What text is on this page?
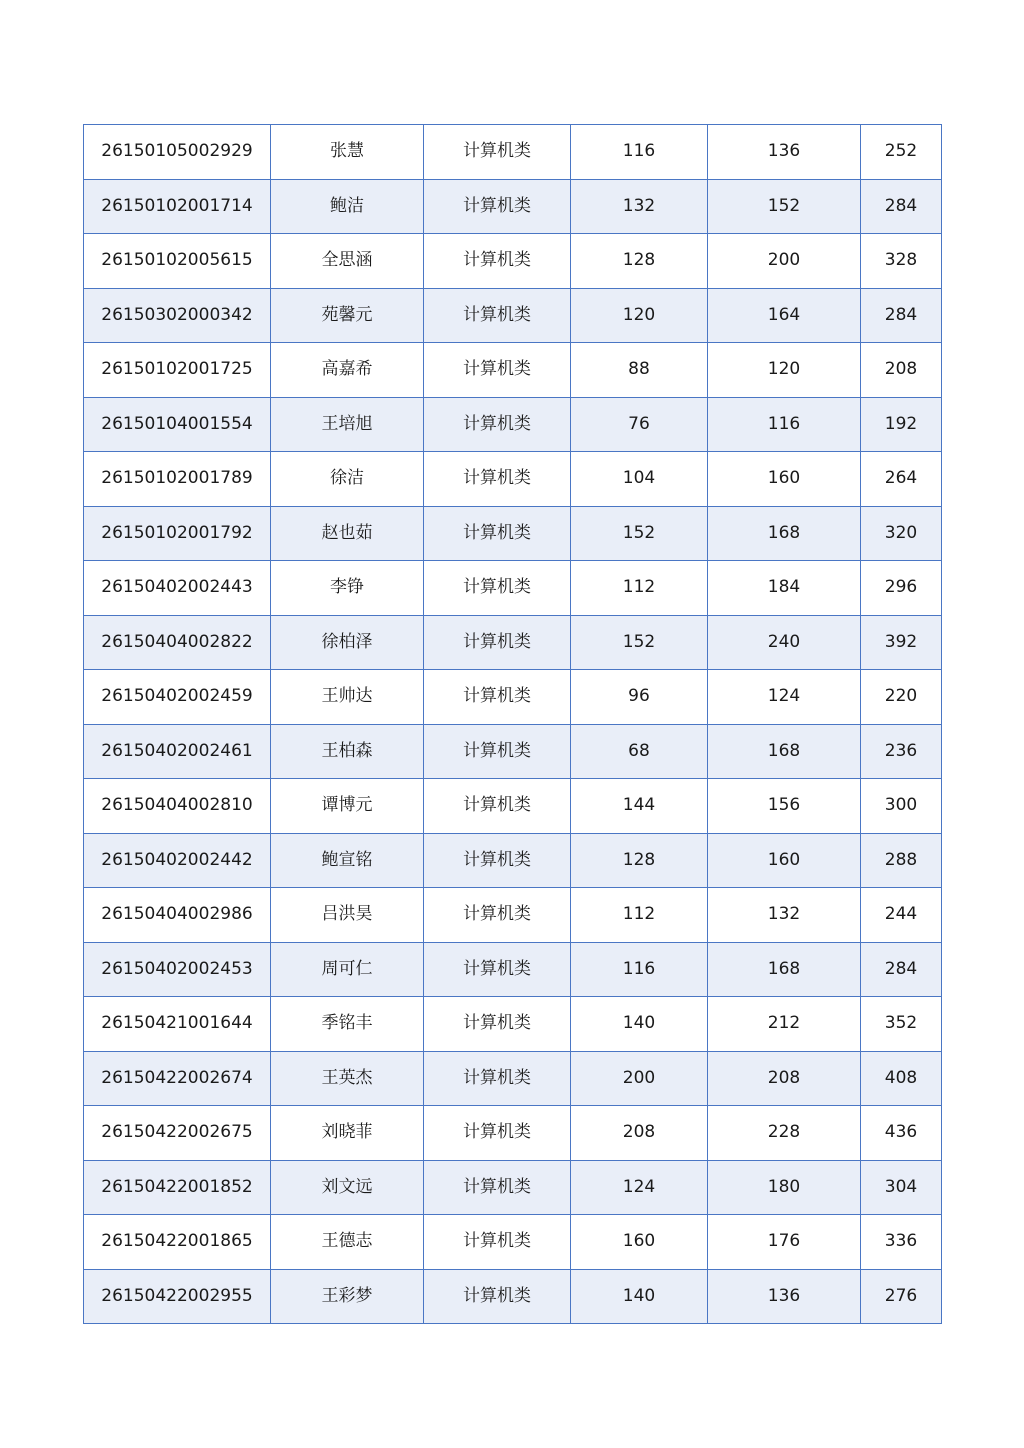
26150105002929	张慧	计算机类	116	136	252
26150102001714	鲍洁	计算机类	132	152	284
26150102005615	全思涵	计算机类	128	200	328
26150302000342	苑馨元	计算机类	120	164	284
26150102001725	高嘉希	计算机类	88	120	208
26150104001554	王培旭	计算机类	76	116	192
26150102001789	徐洁	计算机类	104	160	264
26150102001792	赵也茹	计算机类	152	168	320
26150402002443	李铮	计算机类	112	184	296
26150404002822	徐柏泽	计算机类	152	240	392
26150402002459	王帅达	计算机类	96	124	220
26150402002461	王柏森	计算机类	68	168	236
26150404002810	谭博元	计算机类	144	156	300
26150402002442	鲍宣铭	计算机类	128	160	288
26150404002986	吕洪昊	计算机类	112	132	244
26150402002453	周可仁	计算机类	116	168	284
26150421001644	季铭丰	计算机类	140	212	352
26150422002674	王英杰	计算机类	200	208	408
26150422002675	刘晓菲	计算机类	208	228	436
26150422001852	刘文远	计算机类	124	180	304
26150422001865	王德志	计算机类	160	176	336
26150422002955	王彩梦	计算机类	140	136	276
